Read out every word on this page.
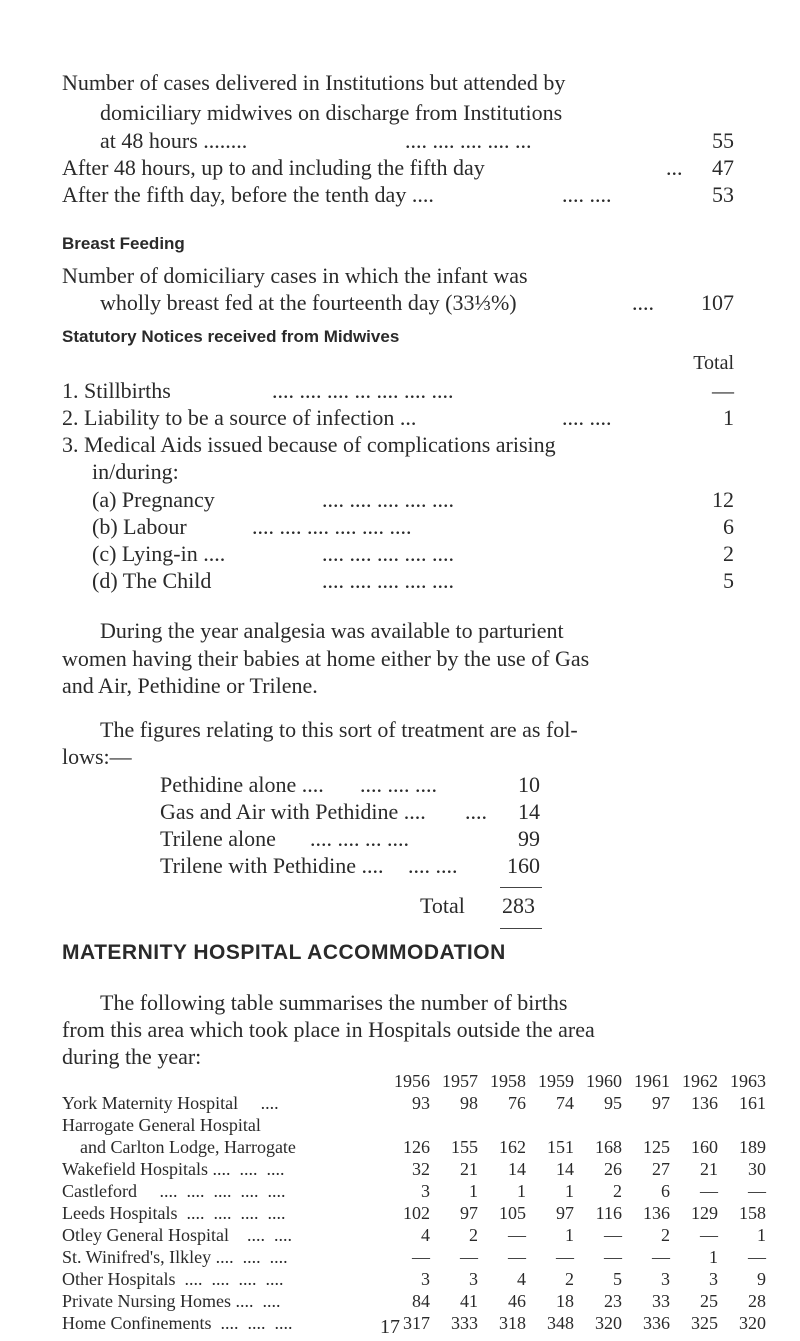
Number of cases delivered in Institutions but attended by
domiciliary midwives on discharge from Institutions
at 48 hours ........	.... .... .... .... ...	55
After 48 hours, up to and including the fifth day	... 47
After the fifth day, before the tenth day ....	.... ....	53
Breast Feeding
Number of domiciliary cases in which the infant was
wholly breast fed at the fourteenth day (33⅓%)	.... 107
Statutory Notices received from Midwives
Total
1. Stillbirths	.... .... .... ... .... .... ....	—
2. Liability to be a source of infection ...	.... ....	1
3. Medical Aids issued because of complications arising
in/during:
(a) Pregnancy	.... .... .... .... ....	12
(b) Labour	.... .... .... .... .... ....	6
(c) Lying-in ....	.... .... .... .... ....	2
(d) The Child	.... .... .... .... ....	5
During the year analgesia was available to parturient
women having their babies at home either by the use of Gas
and Air, Pethidine or Trilene.
The figures relating to this sort of treatment are as fol-
lows:—
Pethidine alone .... .... .... ....	10
Gas and Air with Pethidine .... .... 14
Trilene alone .... .... ... ....	99
Trilene with Pethidine .... .... .... 160
Total 283
MATERNITY HOSPITAL ACCOMMODATION
The following table summarises the number of births
from this area which took place in Hospitals outside the area
during the year:
	1956	1957	1958	1959	1960	1961	1962	1963
York Maternity Hospital     ....	93	98	76	74	95	97	136	161
Harrogate General Hospital								
and Carlton Lodge, Harrogate	126	155	162	151	168	125	160	189
Wakefield Hospitals ....  ....  ....	32	21	14	14	26	27	21	30
Castleford     ....  ....  ....  ....  ....	3	1	1	1	2	6	—	—
Leeds Hospitals  ....  ....  ....  ....	102	97	105	97	116	136	129	158
Otley General Hospital    ....  ....	4	2	—	1	—	2	—	1
St. Winifred's, Ilkley ....  ....  ....	—	—	—	—	—	—	1	—
Other Hospitals  ....  ....  ....  ....	3	3	4	2	5	3	3	9
Private Nursing Homes ....  ....	84	41	46	18	23	33	25	28
Home Confinements  ....  ....  ....	317	333	318	348	320	336	325	320
17
